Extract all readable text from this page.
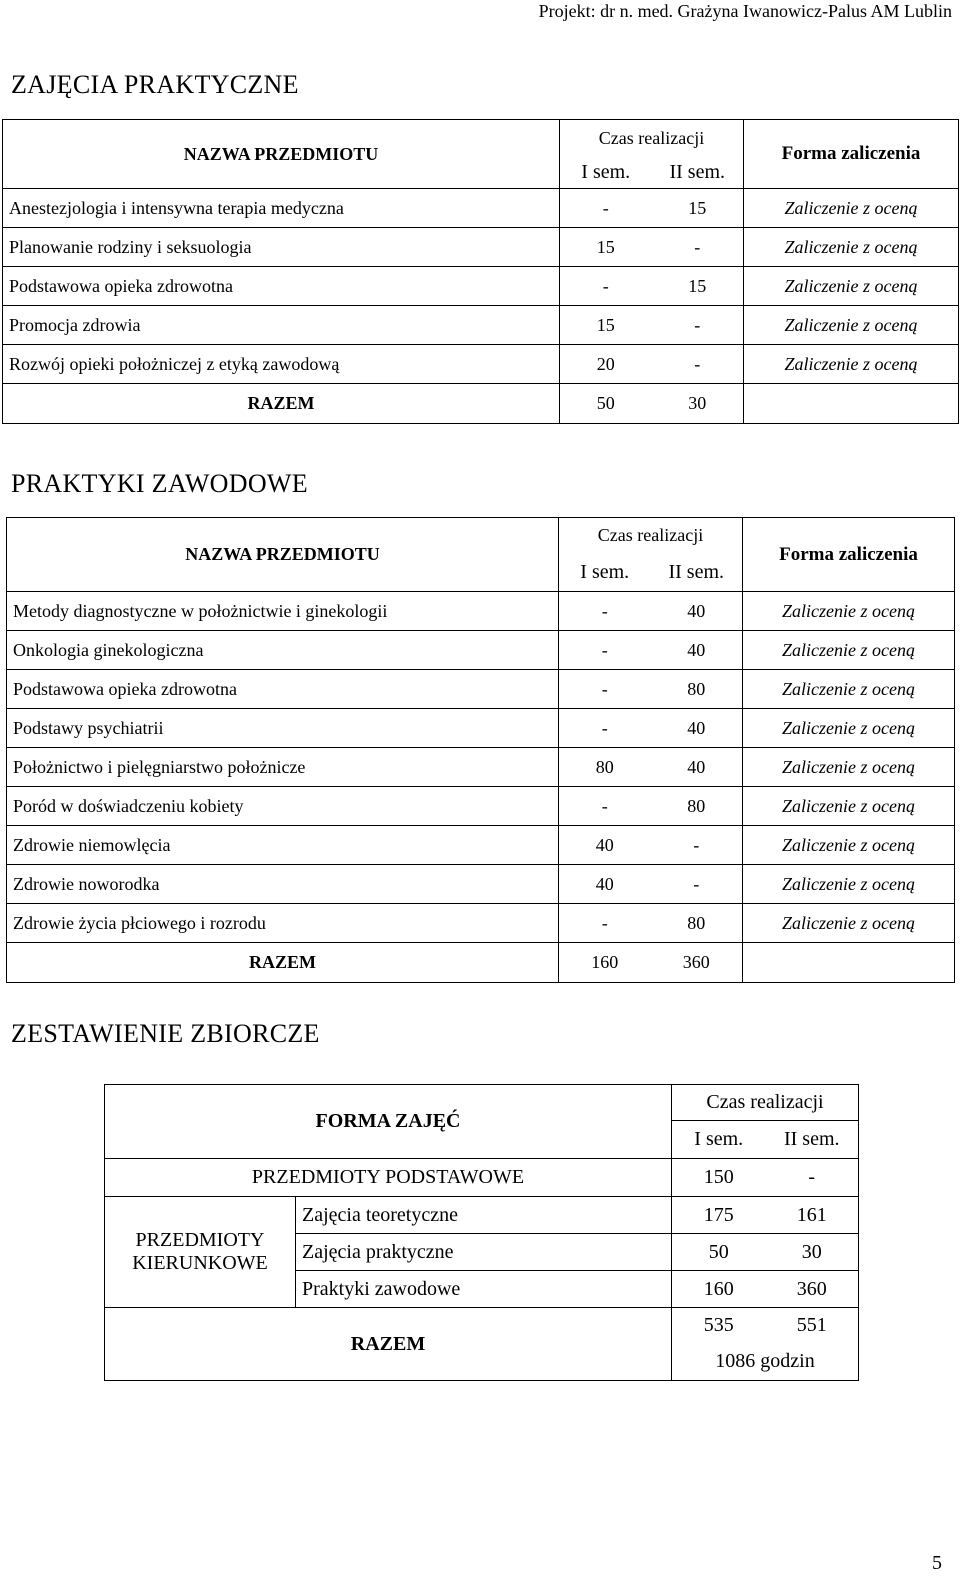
Projekt: dr n. med. Grażyna Iwanowicz-Palus AM Lublin
ZAJĘCIA PRAKTYCZNE
NAZWA PRZEDMIOTU	Czas realizacji		Forma zaliczenia
	I sem.	II sem.	
Anestezjologia i intensywna terapia medyczna	-	15	Zaliczenie z oceną
Planowanie rodziny i seksuologia	15	-	Zaliczenie z oceną
Podstawowa opieka zdrowotna	-	15	Zaliczenie z oceną
Promocja zdrowia	15	-	Zaliczenie z oceną
Rozwój opieki położniczej z etyką zawodową	20	-	Zaliczenie z oceną
RAZEM	50	30	
PRAKTYKI ZAWODOWE
NAZWA PRZEDMIOTU	Czas realizacji		Forma zaliczenia
	I sem.	II sem.	
Metody diagnostyczne w położnictwie i ginekologii	-	40	Zaliczenie z oceną
Onkologia ginekologiczna	-	40	Zaliczenie z oceną
Podstawowa opieka zdrowotna	-	80	Zaliczenie z oceną
Podstawy psychiatrii	-	40	Zaliczenie z oceną
Położnictwo i pielęgniarstwo położnicze	80	40	Zaliczenie z oceną
Poród w doświadczeniu kobiety	-	80	Zaliczenie z oceną
Zdrowie niemowlęcia	40	-	Zaliczenie z oceną
Zdrowie noworodka	40	-	Zaliczenie z oceną
Zdrowie życia płciowego i rozrodu	-	80	Zaliczenie z oceną
RAZEM	160	360	
ZESTAWIENIE ZBIORCZE
FORMA ZAJĘĆ		Czas realizacji	
		I sem.	II sem.
PRZEDMIOTY PODSTAWOWE		150	-

PRZEDMIOTY
KIERUNKOWE	Zajęcia teoretyczne	175	161
	Zajęcia praktyczne	50	30
	Praktyki zawodowe	160	360
RAZEM		535	551
		1086 godzin	
5
